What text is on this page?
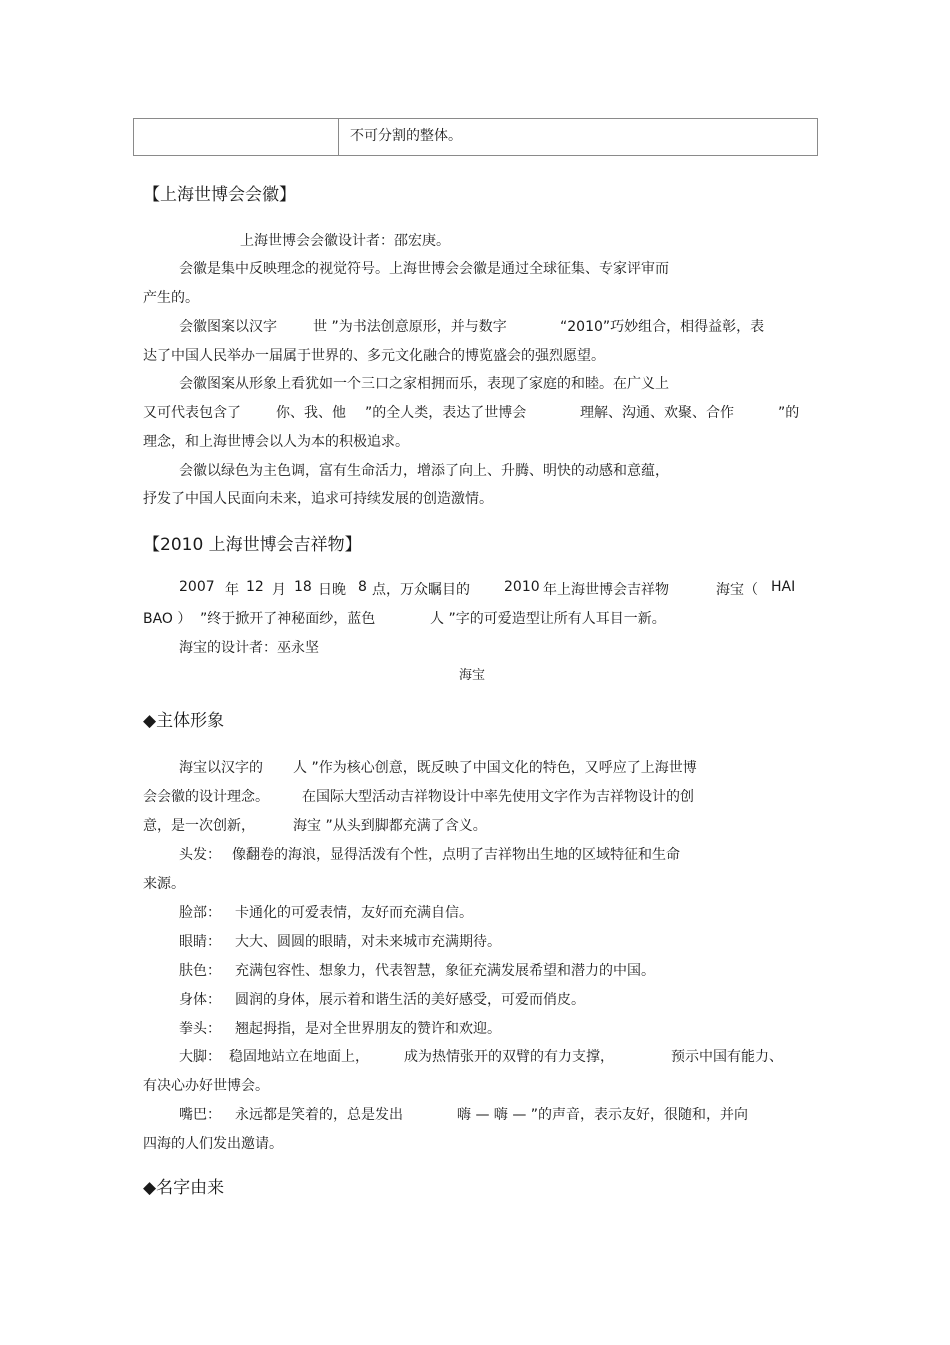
不可分割的整体。
【上海世博会会徽】
上海世博会会徽设计者：邵宏庚。
会徽是集中反映理念的视觉符号。上海世博会会徽是通过全球征集、专家评审而
产生的。
会徽图案以汉字	世 ”为书法创意原形，并与数字	“2010”巧妙组合，相得益彰，表
达了中国人民举办一届属于世界的、多元文化融合的博览盛会的强烈愿望。
会徽图案从形象上看犹如一个三口之家相拥而乐，表现了家庭的和睦。在广义上
又可代表包含了	你、我、他 ”的全人类，表达了世博会	理解、沟通、欢聚、合作	”的
理念，和上海世博会以人为本的积极追求。
会徽以绿色为主色调，富有生命活力，增添了向上、升腾、明快的动感和意蕴，
抒发了中国人民面向未来，追求可持续发展的创造激情。
【2010 上海世博会吉祥物】
2007 年 12 月 18 日晚 8 点，万众瞩目的 2010 年上海世博会吉祥物	海宝（ HAI
BAO ） ”终于掀开了神秘面纱，蓝色	人 ”字的可爱造型让所有人耳目一新。
海宝的设计者：巫永坚
海宝
◆主体形象
海宝以汉字的 人 ”作为核心创意，既反映了中国文化的特色，又呼应了上海世博
会会徽的设计理念。 在国际大型活动吉祥物设计中率先使用文字作为吉祥物设计的创
意，是一次创新，	海宝 ”从头到脚都充满了含义。
头发： 像翻卷的海浪，显得活泼有个性，点明了吉祥物出生地的区域特征和生命
来源。
脸部： 卡通化的可爱表情，友好而充满自信。
眼睛： 大大、圆圆的眼睛，对未来城市充满期待。
肤色： 充满包容性、想象力，代表智慧，象征充满发展希望和潜力的中国。
身体： 圆润的身体，展示着和谐生活的美好感受，可爱而俏皮。
拳头： 翘起拇指，是对全世界朋友的赞许和欢迎。
大脚： 稳固地站立在地面上，	成为热情张开的双臂的有力支撑，	预示中国有能力、
有决心办好世博会。
嘴巴： 永远都是笑着的，总是发出	嗨 — 嗨 — ”的声音，表示友好，很随和，并向
四海的人们发出邀请。
◆名字由来
